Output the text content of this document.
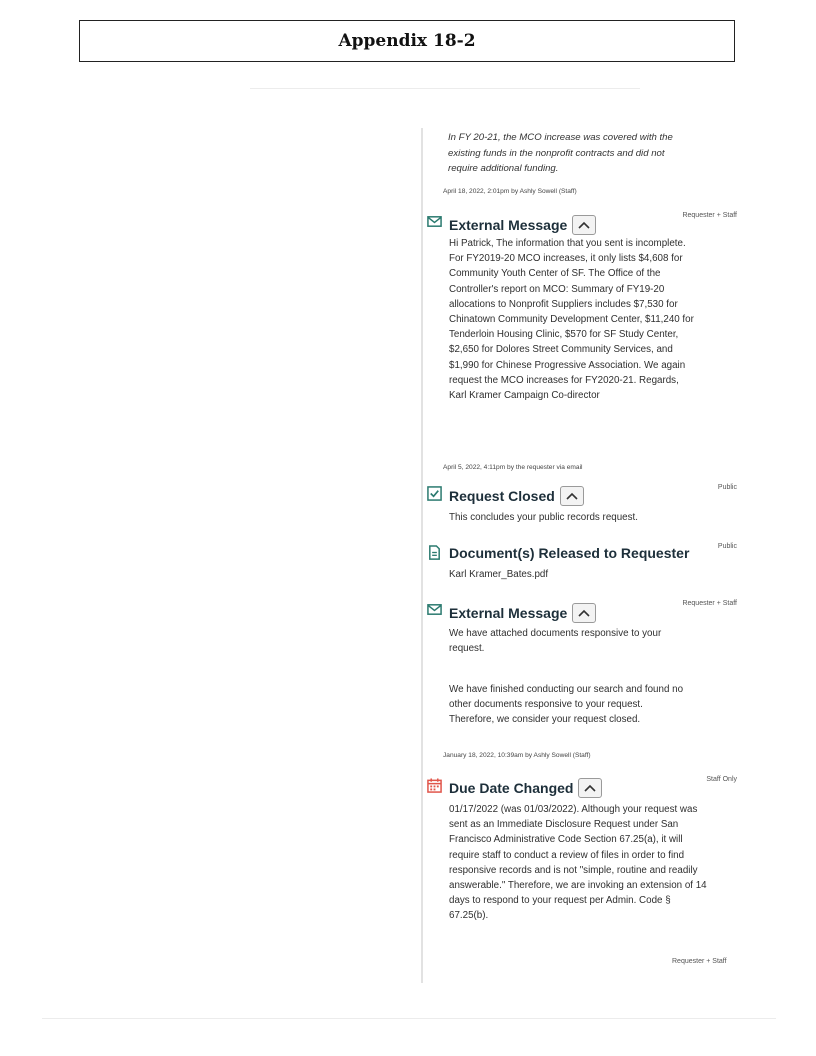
Appendix 18-2
In FY 20-21, the MCO increase was covered with the existing funds in the nonprofit contracts and did not require additional funding.
April 18, 2022, 2:01pm by Ashly Sowell (Staff)
External Message
Requester + Staff
Hi Patrick, The information that you sent is incomplete. For FY2019-20 MCO increases, it only lists $4,608 for Community Youth Center of SF. The Office of the Controller's report on MCO: Summary of FY19-20 allocations to Nonprofit Suppliers includes $7,530 for Chinatown Community Development Center, $11,240 for Tenderloin Housing Clinic, $570 for SF Study Center, $2,650 for Dolores Street Community Services, and $1,990 for Chinese Progressive Association. We again request the MCO increases for FY2020-21. Regards, Karl Kramer Campaign Co-director
April 5, 2022, 4:11pm by the requester via email
Request Closed
Public
This concludes your public records request.
Document(s) Released to Requester	Public
Karl Kramer_Bates.pdf
External Message
Requester + Staff
We have attached documents responsive to your request.
We have finished conducting our search and found no other documents responsive to your request. Therefore, we consider your request closed.
January 18, 2022, 10:39am by Ashly Sowell (Staff)
Due Date Changed
Staff Only
01/17/2022 (was 01/03/2022). Although your request was sent as an Immediate Disclosure Request under San Francisco Administrative Code Section 67.25(a), it will require staff to conduct a review of files in order to find responsive records and is not "simple, routine and readily answerable." Therefore, we are invoking an extension of 14 days to respond to your request per Admin. Code § 67.25(b).
Requester + Staff
